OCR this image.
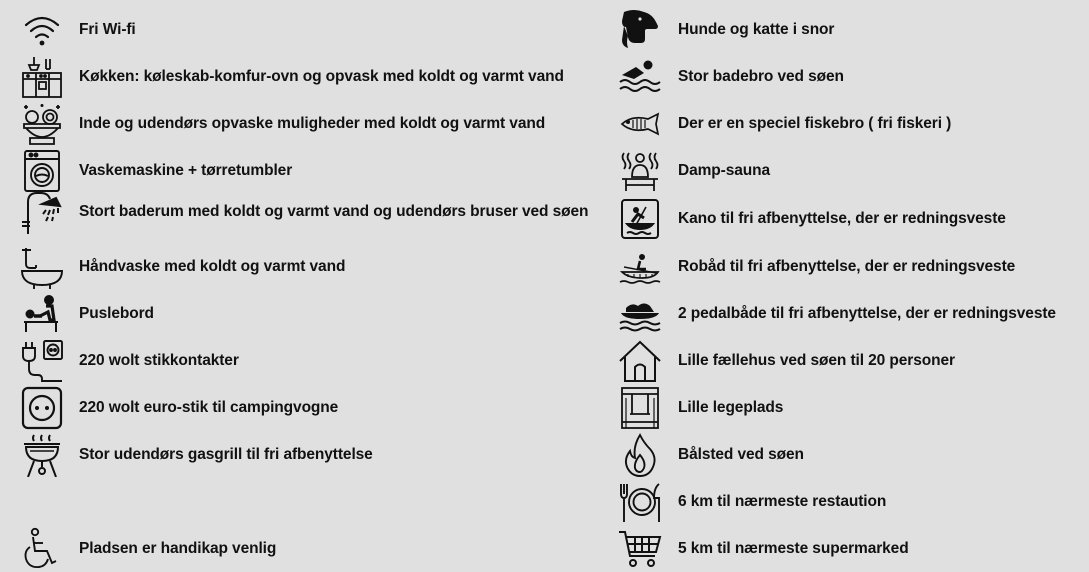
Fri Wi-fi
Køkken: køleskab-komfur-ovn og opvask med koldt og varmt vand
Inde og udendørs opvaske muligheder med koldt og varmt vand
Vaskemaskine + tørretumbler
Stort baderum med koldt og varmt vand og udendørs bruser ved søen
Håndvaske med koldt og varmt vand
Puslebord
220 wolt stikkontakter
220 wolt euro-stik til campingvogne
Stor udendørs gasgrill til fri afbenyttelse
Pladsen er handikap venlig
Hunde og katte i snor
Stor badebro ved søen
Der er en speciel fiskebro ( fri fiskeri )
Damp-sauna
Kano til fri afbenyttelse, der er redningsveste
Robåd til fri afbenyttelse, der er redningsveste
2 pedalbåde til fri afbenyttelse, der er redningsveste
Lille fællehus ved søen til 20 personer
Lille legeplads
Bålsted ved søen
6 km til nærmeste restaution
5 km til nærmeste supermarked
